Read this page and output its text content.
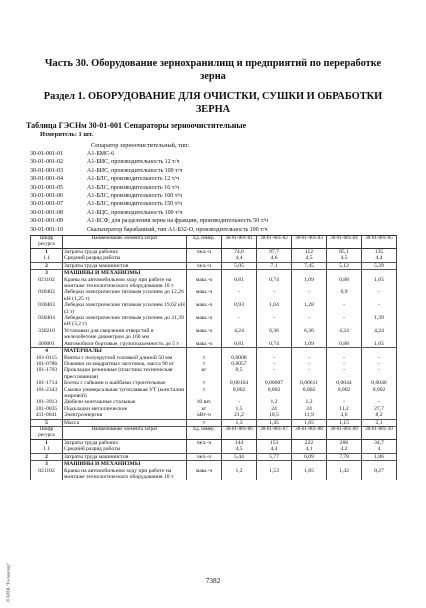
Часть 30. Оборудование зернохранилищ и предприятий по переработке
зерна
Раздел 1. ОБОРУДОВАНИЕ ДЛЯ ОЧИСТКИ, СУШКИ И ОБРАБОТКИ
ЗЕРНА
Таблица ГЭСНм 30-01-001 Сепараторы зерноочистительные
Измеритель: 1 шт.
Сепаратор зерноочистительный, тип:
30-01-001-01	А1-БМС-6
30-01-001-02	А1-БИС, производительность 12 т/ч
30-01-001-03	А1-БИС, производительность 100 т/ч
30-01-001-04	А1-БЛС, производительность 12 т/ч
30-01-001-05	А1-БЛС, производительность 16 т/ч
30-01-001-06	А1-БЛС, производительность 100 т/ч
30-01-001-07	А1-БЛС, производительность 150 т/ч
30-01-001-08	А1-БЦС, производительность 100 т/ч
30-01-001-09	А1-БСФ, для разделения зерна на фракции, производительность 50 т/ч
30-01-001-10	Скальператор барабанный, тип А1-Б32-О, производительность 100 т/ч
Шифр ресурса	Наименование элемента затрат	Ед. измер.	30-01-001-01	30-01-001-02	30-01-001-03	30-01-001-04	30-01-001-05
1	Затраты труда рабочих	чел.-ч	74,6	97,7	112	85,1	135
1.1	Средний разряд работы		4,4	4,6	4,5	4,5	4,4
2	Затраты труда машинистов	чел.-ч	5,05	7,1	7,45	5,12	5,29
3	МАШИНЫ И МЕХАНИЗМЫ						
021102	Краны на автомобильном ходу при работе на монтаже технологического оборудования 10 т	маш.-ч	0,81	0,74	1,09	0,88	1,05
030402	Лебедки электрические тяговым усилием до 12,26 кН (1,25 т)	маш.-ч	-	-	-	0,9	-
030403	Лебедки электрические тяговым усилием 19,62 кН (2 т)	маш.-ч	0,93	1,04	1,28	-	-
030404	Лебедки электрические тяговым усилием до 31,39 кН (3,2 т)	маш.-ч	-	-	-	-	1,39
330210	Установки для сверления отверстий в железобетоне диаметром до 160 мм	маш.-ч	4,24	6,36	6,36	4,24	4,24
400001	Автомобили бортовые, грузоподъемность до 5 т	маш.-ч	0,81	0,74	1,09	0,88	1,05
4	МАТЕРИАЛЫ						
101-0115	Винты с полукруглой головкой длиной 50 мм	т	0,0008	-	-	-	-
101-0786	Поковки из квадратных заготовок, масса 90 кг	т	0,0057	-	-	-	-
101-1703	Прокладки резиновые (пластина техническая прессованная)	кг	0,5	-	-	-	-
101-1714	Болты с гайками и шайбами строительные	т	0,00164	0,00607	0,00611	0,0044	0,0046
101-2343	Смазка универсальная тугоплавкая УТ (консталин жировой)	т	0,002	0,002	0,002	0,002	0,002
101-3913	Дюбели монтажные стальные	10 шт.	-	1,2	1,2	-	-
201-0835	Подкладки металлические	кг	1,5	24	24	11,2	27,7
411-0041	Электроэнергия	кВт-ч	21,2	10,5	11,9	3,6	8,2
5	Масса	т	1,3	1,45	1,65	1,15	2,1
Шифр ресурса	Наименование элемента затрат	Ед. измер.	30-01-001-06	30-01-001-07	30-01-001-08	30-01-001-09	30-01-001-10
1	Затраты труда рабочих	чел.-ч	144	153	222	206	34,7
1.1	Средний разряд работы		4,5	4,4	4,1	4,2	4
2	Затраты труда машинистов	чел.-ч	5,44	5,77	6,09	7,78	1,86
3	МАШИНЫ И МЕХАНИЗМЫ						
021102	Краны на автомобильном ходу при работе на монтаже технологического оборудования 10 т	маш.-ч	1,2	1,53	1,85	1,42	0,27
ЗСНПВ "Госмашпр"	7382
